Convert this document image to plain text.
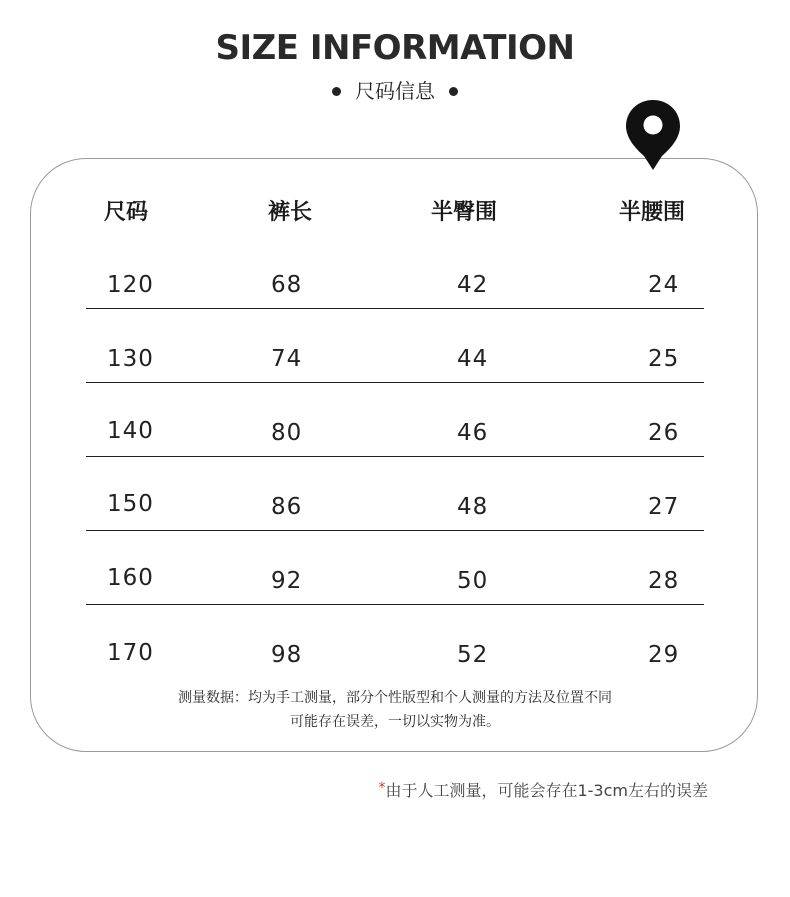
SIZE INFORMATION
尺码信息
尺码	裤长	半臀围	半腰围
120	68	42	24
130	74	44	25
140	80	46	26
150	86	48	27
160	92	50	28
170	98	52	29
测量数据：均为手工测量，部分个性版型和个人测量的方法及位置不同
可能存在误差，一切以实物为准。
*由于人工测量，可能会存在1-3cm左右的误差
